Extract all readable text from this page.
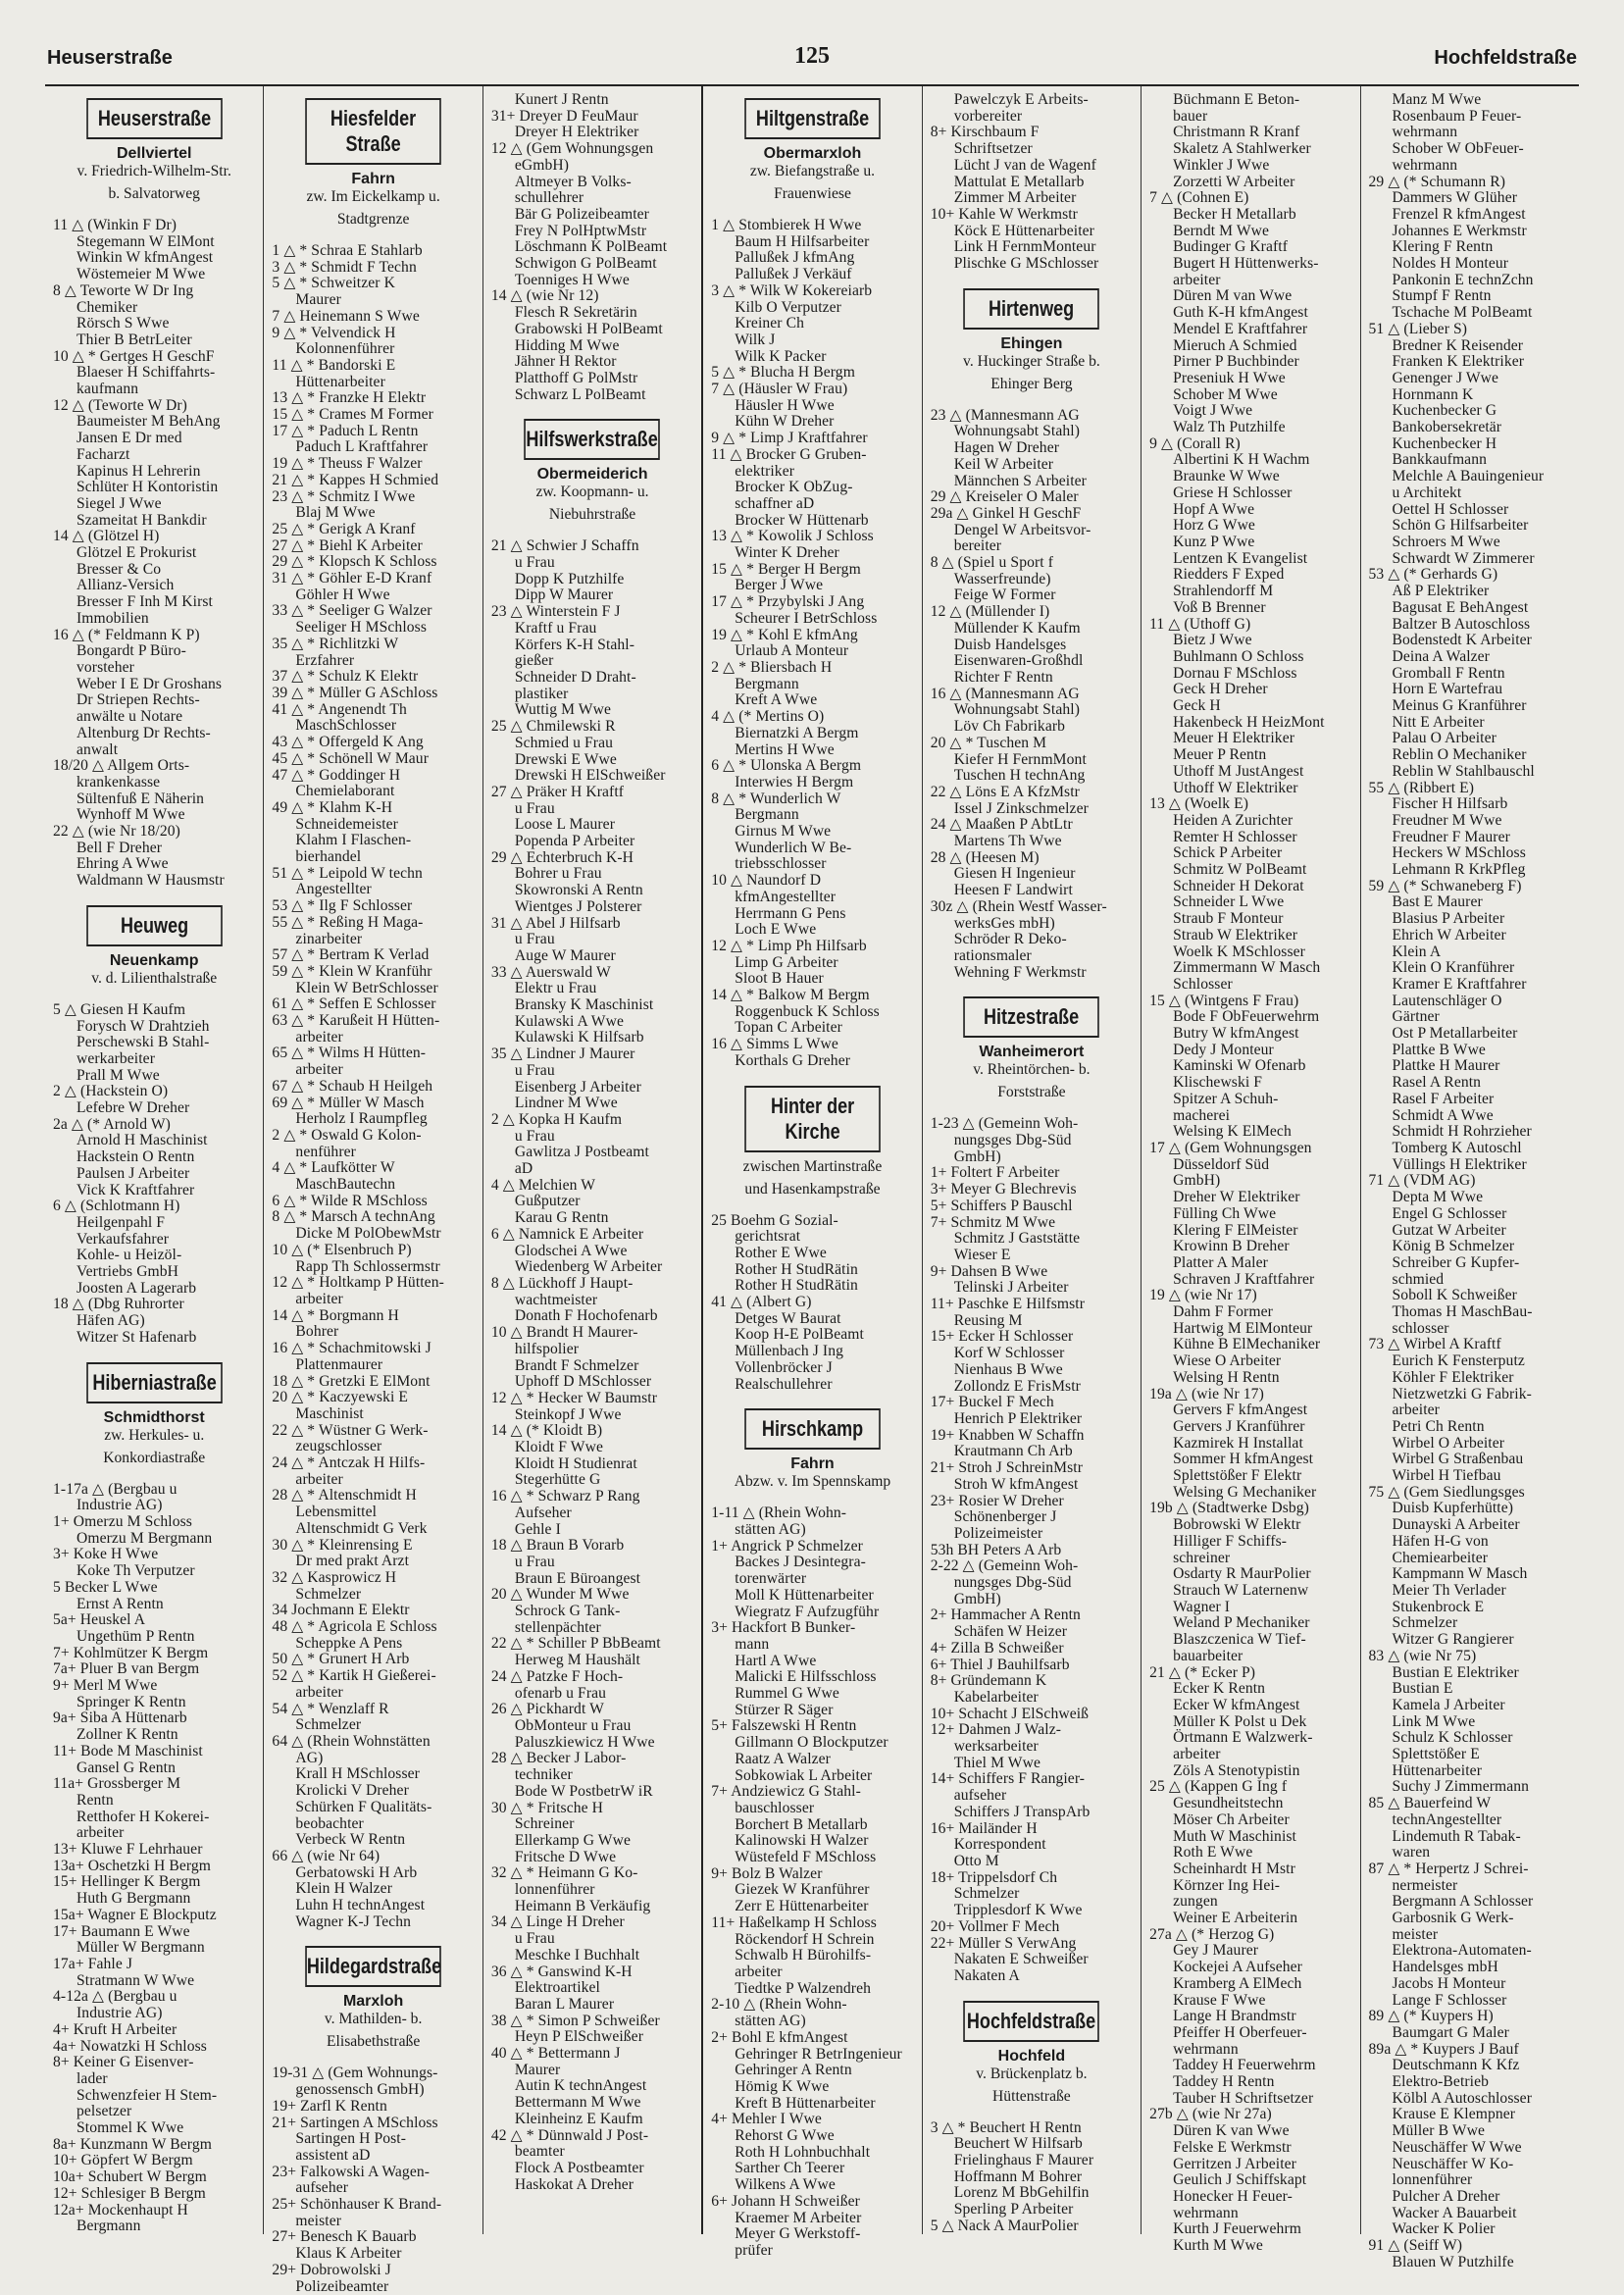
Heuserstraße	125	Hochfeldstraße
Heuserstraße
Dellviertel
v. Friedrich-Wilhelm-Str.
b. Salvatorweg
11 △ (Winkin F Dr)
Stegemann W ElMont
Winkin W kfmAngest
Wöstemeier M Wwe
8 △ Teworte W Dr Ing
Chemiker
Rörsch S Wwe
Thier B BetrLeiter
10 △ * Gertges H GeschF
Blaeser H Schiffahrts-
kaufmann
12 △ (Teworte W Dr)
Baumeister M BehAng
Jansen E Dr med
Facharzt
Kapinus H Lehrerin
Schlüter H Kontoristin
Siegel J Wwe
Szameitat H Bankdir
14 △ (Glötzel H)
Glötzel E Prokurist
Bresser & Co
Allianz-Versich
Bresser F Inh M Kirst
Immobilien
16 △ (* Feldmann K P)
Bongardt P Büro-
vorsteher
Weber I E Dr Groshans
Dr Striepen Rechts-
anwälte u Notare
Altenburg Dr Rechts-
anwalt
18/20 △ Allgem Orts-
krankenkasse
Sültenfuß E Näherin
Wynhoff M Wwe
22 △ (wie Nr 18/20)
Bell F Dreher
Ehring A Wwe
Waldmann W Hausmstr
Heuweg
Neuenkamp
v. d. Lilienthalstraße
5 △ Giesen H Kaufm
Forysch W Drahtzieh
Perschewski B Stahl-
werkarbeiter
Prall M Wwe
2 △ (Hackstein O)
Lefebre W Dreher
2a △ (* Arnold W)
Arnold H Maschinist
Hackstein O Rentn
Paulsen J Arbeiter
Vick K Kraftfahrer
6 △ (Schlotmann H)
Heilgenpahl F
Verkaufsfahrer
Kohle- u Heizöl-
Vertriebs GmbH
Joosten A Lagerarb
18 △ (Dbg Ruhrorter
Häfen AG)
Witzer St Hafenarb
Hiberniastraße
Schmidthorst
zw. Herkules- u.
Konkordiastraße
1-17a △ (Bergbau u
Industrie AG)
1+ Omerzu M Schloss
Omerzu M Bergmann
3+ Koke H Wwe
Koke Th Verputzer
5 Becker L Wwe
Ernst A Rentn
5a+ Heuskel A
Ungethüm P Rentn
7+ Kohlmützer K Bergm
7a+ Pluer B van Bergm
9+ Merl M Wwe
Springer K Rentn
9a+ Siba A Hüttenarb
Zollner K Rentn
11+ Bode M Maschinist
Gansel G Rentn
11a+ Grossberger M
Rentn
Retthofer H Kokerei-
arbeiter
13+ Kluwe F Lehrhauer
13a+ Oschetzki H Bergm
15+ Hellinger K Bergm
Huth G Bergmann
15a+ Wagner E Blockputz
17+ Baumann E Wwe
Müller W Bergmann
17a+ Fahle J
Stratmann W Wwe
4-12a △ (Bergbau u
Industrie AG)
4+ Kruft H Arbeiter
4a+ Nowatzki H Schloss
8+ Keiner G Eisenver-
lader
Schwenzfeier H Stem-
pelsetzer
Stommel K Wwe
8a+ Kunzmann W Bergm
10+ Göpfert W Bergm
10a+ Schubert W Bergm
12+ Schlesiger B Bergm
12a+ Mockenhaupt H
Bergmann
Hiesfelder Straße
Fahrn
zw. Im Eickelkamp u.
Stadtgrenze
1 △ * Schraa E Stahlarb
3 △ * Schmidt F Techn
5 △ * Schweitzer K
Maurer
7 △ Heinemann S Wwe
9 △ * Velvendick H
Kolonnenführer
11 △ * Bandorski E
Hüttenarbeiter
13 △ * Franzke H Elektr
15 △ * Crames M Former
17 △ * Paduch L Rentn
Paduch L Kraftfahrer
19 △ * Theuss F Walzer
21 △ * Kappes H Schmied
23 △ * Schmitz I Wwe
Blaj M Wwe
25 △ * Gerigk A Kranf
27 △ * Biehl K Arbeiter
29 △ * Klopsch K Schloss
31 △ * Göhler E-D Kranf
Göhler H Wwe
33 △ * Seeliger G Walzer
Seeliger H MSchloss
35 △ * Richlitzki W
Erzfahrer
37 △ * Schulz K Elektr
39 △ * Müller G ASchloss
41 △ * Angenendt Th
MaschSchlosser
43 △ * Offergeld K Ang
45 △ * Schönell W Maur
47 △ * Goddinger H
Chemielaborant
49 △ * Klahm K-H
Schneidemeister
Klahm I Flaschen-
bierhandel
51 △ * Leipold W techn
Angestellter
53 △ * Ilg F Schlosser
55 △ * Reßing H Maga-
zinarbeiter
57 △ * Bertram K Verlad
59 △ * Klein W Kranführ
Klein W BetrSchlosser
61 △ * Seffen E Schlosser
63 △ * Karußeit H Hütten-
arbeiter
65 △ * Wilms H Hütten-
arbeiter
67 △ * Schaub H Heilgeh
69 △ * Müller W Masch
Herholz I Raumpfleg
2 △ * Oswald G Kolon-
nenführer
4 △ * Laufkötter W
MaschBautechn
6 △ * Wilde R MSchloss
8 △ * Marsch A technAng
Dicke M PolObewMstr
10 △ (* Elsenbruch P)
Rapp Th Schlossermstr
12 △ * Holtkamp P Hütten-
arbeiter
14 △ * Borgmann H
Bohrer
16 △ * Schachmitowski J
Plattenmaurer
18 △ * Gretzki E ElMont
20 △ * Kaczyewski E
Maschinist
22 △ * Wüstner G Werk-
zeugschlosser
24 △ * Antczak H Hilfs-
arbeiter
28 △ * Altenschmidt H
Lebensmittel
Altenschmidt G Verk
30 △ * Kleinrensing E
Dr med prakt Arzt
32 △ Kasprowicz H
Schmelzer
34 Jochmann E Elektr
48 △ * Agricola E Schloss
Scheppke A Pens
50 △ * Grunert H Arb
52 △ * Kartik H Gießerei-
arbeiter
54 △ * Wenzlaff R
Schmelzer
64 △ (Rhein Wohnstätten
AG)
Krall H MSchlosser
Krolicki V Dreher
Schürken F Qualitäts-
beobachter
Verbeck W Rentn
66 △ (wie Nr 64)
Gerbatowski H Arb
Klein H Walzer
Luhn H technAngest
Wagner K-J Techn
Hildegardstraße
Marxloh
v. Mathilden- b.
Elisabethstraße
19-31 △ (Gem Wohnungs-
genossensch GmbH)
19+ Zarfl K Rentn
21+ Sartingen A MSchloss
Sartingen H Post-
assistent aD
23+ Falkowski A Wagen-
aufseher
25+ Schönhauser K Brand-
meister
27+ Benesch K Bauarb
Klaus K Arbeiter
29+ Dobrowolski J
Polizeibeamter
Kunert J Rentn
31+ Dreyer D FeuMaur
Dreyer H Elektriker
12 △ (Gem Wohnungsgen
eGmbH)
Altmeyer B Volks-
schullehrer
Bär G Polizeibeamter
Frey N PolHptwMstr
Löschmann K PolBeamt
Schwigon G PolBeamt
Toenniges H Wwe
14 △ (wie Nr 12)
Flesch R Sekretärin
Grabowski H PolBeamt
Hidding M Wwe
Jähner H Rektor
Platthoff G PolMstr
Schwarz L PolBeamt
Hilfswerkstraße
Obermeiderich
zw. Koopmann- u.
Niebuhrstraße
21 △ Schwier J Schaffn
u Frau
Dopp K Putzhilfe
Dipp W Maurer
23 △ Winterstein F J
Kraftf u Frau
Körfers K-H Stahl-
gießer
Schneider D Draht-
plastiker
Wuttig M Wwe
25 △ Chmilewski R
Schmied u Frau
Drewski E Wwe
Drewski H ElSchweißer
27 △ Präker H Kraftf
u Frau
Loose L Maurer
Popenda P Arbeiter
29 △ Echterbruch K-H
Bohrer u Frau
Skowronski A Rentn
Wientges J Polsterer
31 △ Abel J Hilfsarb
u Frau
Auge W Maurer
33 △ Auerswald W
Elektr u Frau
Bransky K Maschinist
Kulawski A Wwe
Kulawski K Hilfsarb
35 △ Lindner J Maurer
u Frau
Eisenberg J Arbeiter
Lindner M Wwe
2 △ Kopka H Kaufm
u Frau
Gawlitza J Postbeamt
aD
4 △ Melchien W
Gußputzer
Karau G Rentn
6 △ Namnick E Arbeiter
Glodschei A Wwe
Wiedenberg W Arbeiter
8 △ Lückhoff J Haupt-
wachtmeister
Donath F Hochofenarb
10 △ Brandt H Maurer-
hilfspolier
Brandt F Schmelzer
Uphoff D MSchlosser
12 △ * Hecker W Baumstr
Steinkopf J Wwe
14 △ (* Kloidt B)
Kloidt F Wwe
Kloidt H Studienrat
Stegerhütte G
16 △ * Schwarz P Rang
Aufseher
Gehle I
18 △ Braun B Vorarb
u Frau
Braun E Büroangest
20 △ Wunder M Wwe
Schrock G Tank-
stellenpächter
22 △ * Schiller P BbBeamt
Herweg M Haushält
24 △ Patzke F Hoch-
ofenarb u Frau
26 △ Pickhardt W
ObMonteur u Frau
Paluszkiewicz H Wwe
28 △ Becker J Labor-
techniker
Bode W PostbetrW iR
30 △ * Fritsche H
Schreiner
Ellerkamp G Wwe
Fritsche D Wwe
32 △ * Heimann G Ko-
lonnenführer
Heimann B Verkäufig
34 △ Linge H Dreher
u Frau
Meschke I Buchhalt
36 △ * Ganswind K-H
Elektroartikel
Baran L Maurer
38 △ * Simon P Schweißer
Heyn P ElSchweißer
40 △ * Bettermann J
Maurer
Autin K technAngest
Bettermann M Wwe
Kleinheinz E Kaufm
42 △ * Dünnwald J Post-
beamter
Flock A Postbeamter
Haskokat A Dreher
Hiltgenstraße
Obermarxloh
zw. Biefangstraße u.
Frauenwiese
1 △ Stombierek H Wwe
Baum H Hilfsarbeiter
Pallußek J kfmAng
Pallußek J Verkäuf
3 △ * Wilk W Kokereiarb
Kilb O Verputzer
Kreiner Ch
Wilk J
Wilk K Packer
5 △ * Blucha H Bergm
7 △ (Häusler W Frau)
Häusler H Wwe
Kühn W Dreher
9 △ * Limp J Kraftfahrer
11 △ Brocker G Gruben-
elektriker
Brocker K ObZug-
schaffner aD
Brocker W Hüttenarb
13 △ * Kowolik J Schloss
Winter K Dreher
15 △ * Berger H Bergm
Berger J Wwe
17 △ * Przybylski J Ang
Scheurer I BetrSchloss
19 △ * Kohl E kfmAng
Urlaub A Monteur
2 △ * Bliersbach H
Bergmann
Kreft A Wwe
4 △ (* Mertins O)
Biernatzki A Bergm
Mertins H Wwe
6 △ * Ulonska A Bergm
Interwies H Bergm
8 △ * Wunderlich W
Bergmann
Girnus M Wwe
Wunderlich W Be-
triebsschlosser
10 △ Naundorf D
kfmAngestellter
Herrmann G Pens
Loch E Wwe
12 △ * Limp Ph Hilfsarb
Limp G Arbeiter
Sloot B Hauer
14 △ * Balkow M Bergm
Roggenbuck K Schloss
Topan C Arbeiter
16 △ Simms L Wwe
Korthals G Dreher
Hinter der Kirche
zwischen Martinstraße
und Hasenkampstraße
25 Boehm G Sozial-
gerichtsrat
Rother E Wwe
Rother H StudRätin
Rother H StudRätin
41 △ (Albert G)
Detges W Baurat
Koop H-E PolBeamt
Müllenbach J Ing
Vollenbröcker J
Realschullehrer
Hirschkamp
Fahrn
Abzw. v. Im Spennskamp
1-11 △ (Rhein Wohn-
stätten AG)
1+ Angrick P Schmelzer
Backes J Desintegra-
torenwärter
Moll K Hüttenarbeiter
Wiegratz F Aufzugführ
3+ Hackfort B Bunker-
mann
Hartl A Wwe
Malicki E Hilfsschloss
Rummel G Wwe
Stürzer R Säger
5+ Falszewski H Rentn
Gillmann O Blockputzer
Raatz A Walzer
Sobkowiak L Arbeiter
7+ Andziewicz G Stahl-
bauschlosser
Borchert B Metallarb
Kalinowski H Walzer
Wüstefeld F MSchloss
9+ Bolz B Walzer
Giezek W Kranführer
Zerr E Hüttenarbeiter
11+ Haßelkamp H Schloss
Röckendorf H Schrein
Schwalb H Bürohilfs-
arbeiter
Tiedtke P Walzendreh
2-10 △ (Rhein Wohn-
stätten AG)
2+ Bohl E kfmAngest
Gehringer R BetrIngenieur
Gehringer A Rentn
Hömig K Wwe
Kreft B Hüttenarbeiter
4+ Mehler I Wwe
Rehorst G Wwe
Roth H Lohnbuchhalt
Sarther Ch Teerer
Wilkens A Wwe
6+ Johann H Schweißer
Kraemer M Arbeiter
Meyer G Werkstoff-
prüfer
Pawelczyk E Arbeits-
vorbereiter
8+ Kirschbaum F
Schriftsetzer
Lücht J van de Wagenf
Mattulat E Metallarb
Zimmer M Arbeiter
10+ Kahle W Werkmstr
Köck E Hüttenarbeiter
Link H FernmMonteur
Plischke G MSchlosser
Hirtenweg
Ehingen
v. Huckinger Straße b.
Ehinger Berg
23 △ (Mannesmann AG
Wohnungsabt Stahl)
Hagen W Dreher
Keil W Arbeiter
Männchen S Arbeiter
29 △ Kreiseler O Maler
29a △ Ginkel H GeschF
Dengel W Arbeitsvor-
bereiter
8 △ (Spiel u Sport f
Wasserfreunde)
Feige W Former
12 △ (Müllender I)
Müllender K Kaufm
Duisb Handelsges
Eisenwaren-Großhdl
Richter F Rentn
16 △ (Mannesmann AG
Wohnungsabt Stahl)
Löv Ch Fabrikarb
20 △ * Tuschen M
Kiefer H FernmMont
Tuschen H technAng
22 △ Löns E A KfzMstr
Issel J Zinkschmelzer
24 △ Maaßen P AbtLtr
Martens Th Wwe
28 △ (Heesen M)
Giesen H Ingenieur
Heesen F Landwirt
30z △ (Rhein Westf Wasser-
werksGes mbH)
Schröder R Deko-
rationsmaler
Wehning F Werkmstr
Hitzestraße
Wanheimerort
v. Rheintörchen- b.
Forststraße
1-23 △ (Gemeinn Woh-
nungsges Dbg-Süd
GmbH)
1+ Foltert F Arbeiter
3+ Meyer G Blechrevis
5+ Schiffers P Bauschl
7+ Schmitz M Wwe
Schmitz J Gaststätte
Wieser E
9+ Dahsen B Wwe
Telinski J Arbeiter
11+ Paschke E Hilfsmstr
Reusing M
15+ Ecker H Schlosser
Korf W Schlosser
Nienhaus B Wwe
Zollondz E FrisMstr
17+ Buckel F Mech
Henrich P Elektriker
19+ Knabben W Schaffn
Krautmann Ch Arb
21+ Stroh J SchreinMstr
Stroh W kfmAngest
23+ Rosier W Dreher
Schönenberger J
Polizeimeister
53h BH Peters A Arb
2-22 △ (Gemeinn Woh-
nungsges Dbg-Süd
GmbH)
2+ Hammacher A Rentn
Schäfen W Heizer
4+ Zilla B Schweißer
6+ Thiel J Bauhilfsarb
8+ Gründemann K
Kabelarbeiter
10+ Schacht J ElSchweiß
12+ Dahmen J Walz-
werksarbeiter
Thiel M Wwe
14+ Schiffers F Rangier-
aufseher
Schiffers J TranspArb
16+ Mailänder H
Korrespondent
Otto M
18+ Trippelsdorf Ch
Schmelzer
Tripplesdorf K Wwe
20+ Vollmer F Mech
22+ Müller S VerwAng
Nakaten E Schweißer
Nakaten A
Hochfeldstraße
Hochfeld
v. Brückenplatz b.
Hüttenstraße
3 △ * Beuchert H Rentn
Beuchert W Hilfsarb
Frielinghaus F Maurer
Hoffmann M Bohrer
Lorenz M BbGehilfin
Sperling P Arbeiter
5 △ Nack A MaurPolier
Büchmann E Beton-
bauer
Christmann R Kranf
Skaletz A Stahlwerker
Winkler J Wwe
Zorzetti W Arbeiter
7 △ (Cohnen E)
Becker H Metallarb
Berndt M Wwe
Budinger G Kraftf
Bugert H Hüttenwerks-
arbeiter
Düren M van Wwe
Guth K-H kfmAngest
Mendel E Kraftfahrer
Mieruch A Schmied
Pirner P Buchbinder
Preseniuk H Wwe
Schober M Wwe
Voigt J Wwe
Walz Th Putzhilfe
9 △ (Corall R)
Albertini K H Wachm
Braunke W Wwe
Griese H Schlosser
Hopf A Wwe
Horz G Wwe
Kunz P Wwe
Lentzen K Evangelist
Riedders F Exped
Strahlendorff M
Voß B Brenner
11 △ (Uthoff G)
Bietz J Wwe
Buhlmann O Schloss
Dornau F MSchloss
Geck H Dreher
Geck H
Hakenbeck H HeizMont
Meuer H Elektriker
Meuer P Rentn
Uthoff M JustAngest
Uthoff W Elektriker
13 △ (Woelk E)
Heiden A Zurichter
Remter H Schlosser
Schick P Arbeiter
Schmitz W PolBeamt
Schneider H Dekorat
Schneider L Wwe
Straub F Monteur
Straub W Elektriker
Woelk K MSchlosser
Zimmermann W Masch
Schlosser
15 △ (Wintgens F Frau)
Bode F ObFeuerwehrm
Butry W kfmAngest
Dedy J Monteur
Kaminski W Ofenarb
Klischewski F
Spitzer A Schuh-
macherei
Welsing K ElMech
17 △ (Gem Wohnungsgen
Düsseldorf Süd
GmbH)
Dreher W Elektriker
Fülling Ch Wwe
Klering F ElMeister
Krowinn B Dreher
Platter A Maler
Schraven J Kraftfahrer
19 △ (wie Nr 17)
Dahm F Former
Hartwig M ElMonteur
Kühne B ElMechaniker
Wiese O Arbeiter
Welsing H Rentn
19a △ (wie Nr 17)
Gervers F kfmAngest
Gervers J Kranführer
Kazmirek H Installat
Sommer H kfmAngest
Splettstößer F Elektr
Welsing G Mechaniker
19b △ (Stadtwerke Dsbg)
Bobrowski W Elektr
Hilliger F Schiffs-
schreiner
Osdarty R MaurPolier
Strauch W Laternenw
Wagner I
Weland P Mechaniker
Blaszczenica W Tief-
bauarbeiter
21 △ (* Ecker P)
Ecker K Rentn
Ecker W kfmAngest
Müller K Polst u Dek
Örtmann E Walzwerk-
arbeiter
Zöls A Stenotypistin
25 △ (Kappen G Ing f
Gesundheitstechn
Möser Ch Arbeiter
Muth W Maschinist
Roth E Wwe
Scheinhardt H Mstr
Körnzer Ing Hei-
zungen
Weiner E Arbeiterin
27a △ (* Herzog G)
Gey J Maurer
Kockejei A Aufseher
Kramberg A ElMech
Krause F Wwe
Lange H Brandmstr
Pfeiffer H Oberfeuer-
wehrmann
Taddey H Feuerwehrm
Taddey H Rentn
Tauber H Schriftsetzer
27b △ (wie Nr 27a)
Düren K van Wwe
Felske E Werkmstr
Gerritzen J Arbeiter
Geulich J Schiffskapt
Honecker H Feuer-
wehrmann
Kurth J Feuerwehrm
Kurth M Wwe
Manz M Wwe
Rosenbaum P Feuer-
wehrmann
Schober W ObFeuer-
wehrmann
29 △ (* Schumann R)
Dammers W Glüher
Frenzel R kfmAngest
Johannes E Werkmstr
Klering F Rentn
Noldes H Monteur
Pankonin E technZchn
Stumpf F Rentn
Tschache M PolBeamt
51 △ (Lieber S)
Bredner K Reisender
Franken K Elektriker
Genenger J Wwe
Hornmann K
Kuchenbecker G
Bankobersekretär
Kuchenbecker H
Bankkaufmann
Melchle A Bauingenieur
u Architekt
Oettel H Schlosser
Schön G Hilfsarbeiter
Schroers M Wwe
Schwardt W Zimmerer
53 △ (* Gerhards G)
Aß P Elektriker
Bagusat E BehAngest
Baltzer B Autoschloss
Bodenstedt K Arbeiter
Deina A Walzer
Gromball F Rentn
Horn E Wartefrau
Meinus G Kranführer
Nitt E Arbeiter
Palau O Arbeiter
Reblin O Mechaniker
Reblin W Stahlbauschl
55 △ (Ribbert E)
Fischer H Hilfsarb
Freudner M Wwe
Freudner F Maurer
Heckers W MSchloss
Lehmann R KrkPfleg
59 △ (* Schwaneberg F)
Bast E Maurer
Blasius P Arbeiter
Ehrich W Arbeiter
Klein A
Klein O Kranführer
Kramer E Kraftfahrer
Lautenschläger O
Gärtner
Ost P Metallarbeiter
Plattke B Wwe
Plattke H Maurer
Rasel A Rentn
Rasel F Arbeiter
Schmidt A Wwe
Schmidt H Rohrzieher
Tomberg K Autoschl
Vüllings H Elektriker
71 △ (VDM AG)
Depta M Wwe
Engel G Schlosser
Gutzat W Arbeiter
König B Schmelzer
Schreiber G Kupfer-
schmied
Soboll K Schweißer
Thomas H MaschBau-
schlosser
73 △ Wirbel A Kraftf
Eurich K Fensterputz
Köhler F Elektriker
Nietzwetzki G Fabrik-
arbeiter
Petri Ch Rentn
Wirbel O Arbeiter
Wirbel G Straßenbau
Wirbel H Tiefbau
75 △ (Gem Siedlungsges
Duisb Kupferhütte)
Dunayski A Arbeiter
Häfen H-G von
Chemiearbeiter
Kampmann W Masch
Meier Th Verlader
Stukenbrock E
Schmelzer
Witzer G Rangierer
83 △ (wie Nr 75)
Bustian E Elektriker
Bustian E
Kamela J Arbeiter
Link M Wwe
Schulz K Schlosser
Splettstößer E
Hüttenarbeiter
Suchy J Zimmermann
85 △ Bauerfeind W
technAngestellter
Lindemuth R Tabak-
waren
87 △ * Herpertz J Schrei-
nermeister
Bergmann A Schlosser
Garbosnik G Werk-
meister
Elektrona-Automaten-
Handelsges mbH
Jacobs H Monteur
Lange F Schlosser
89 △ (* Kuypers H)
Baumgart G Maler
89a △ * Kuypers J Bauf
Deutschmann K Kfz
Elektro-Betrieb
Kölbl A Autoschlosser
Krause E Klempner
Müller B Wwe
Neuschäffer W Wwe
Neuschäffer W Ko-
lonnenführer
Pulcher A Dreher
Wacker A Bauarbeit
Wacker K Polier
91 △ (Seiff W)
Blauen W Putzhilfe
